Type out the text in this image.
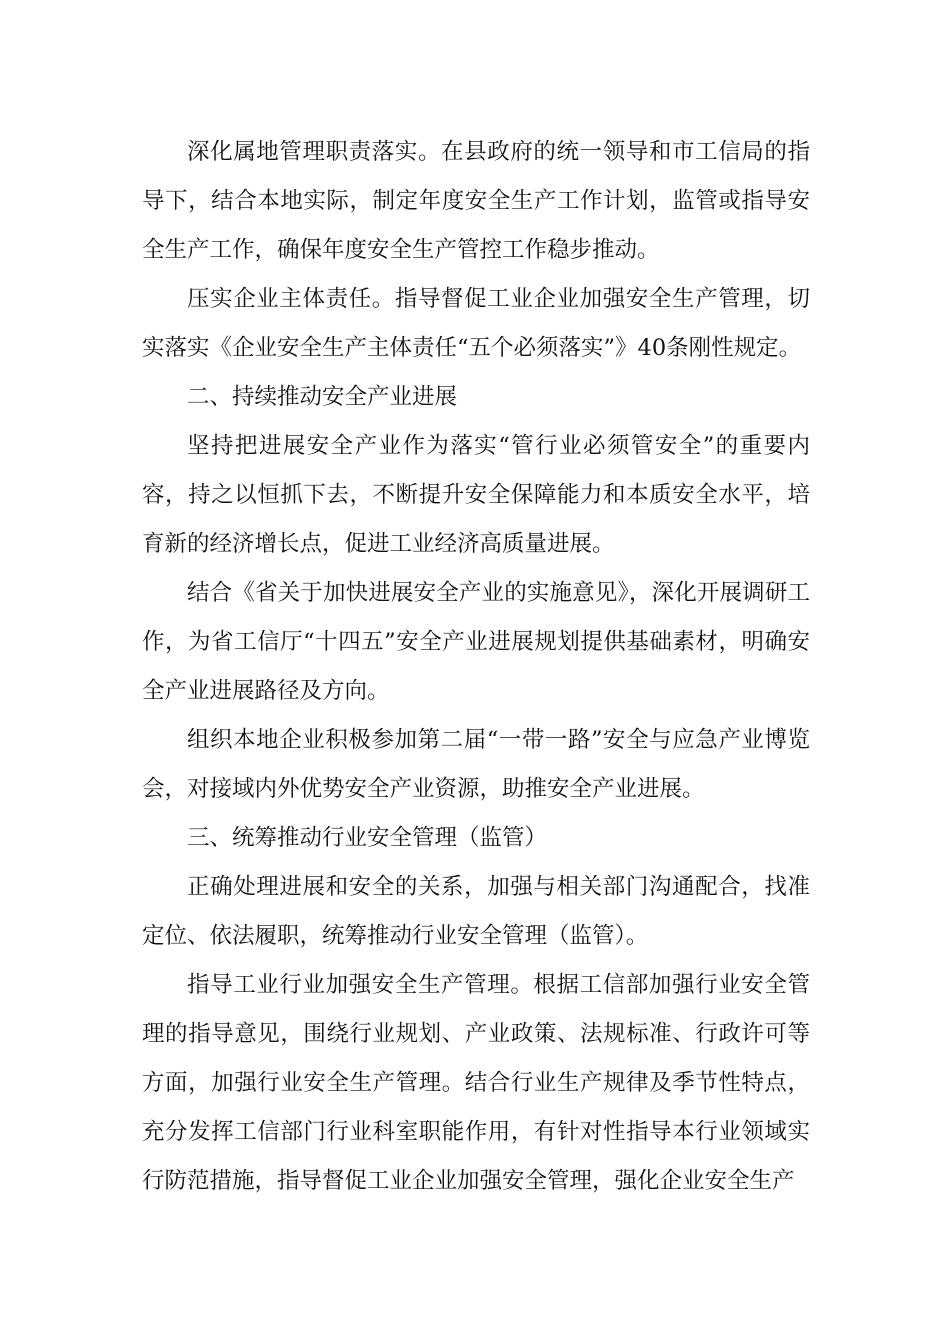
深化属地管理职责落实。在县政府的统一领导和市工信局的指导下，结合本地实际，制定年度安全生产工作计划，监管或指导安全生产工作，确保年度安全生产管控工作稳步推动。

压实企业主体责任。指导督促工业企业加强安全生产管理，切实落实《企业安全生产主体责任“五个必须落实”》40条刚性规定。

二、持续推动安全产业进展

坚持把进展安全产业作为落实“管行业必须管安全”的重要内容，持之以恒抓下去，不断提升安全保障能力和本质安全水平，培育新的经济增长点，促进工业经济高质量进展。

结合《省关于加快进展安全产业的实施意见》，深化开展调研工作，为省工信厅“十四五”安全产业进展规划提供基础素材，明确安全产业进展路径及方向。

组织本地企业积极参加第二届“一带一路”安全与应急产业博览会，对接域内外优势安全产业资源，助推安全产业进展。

三、统筹推动行业安全管理（监管）

正确处理进展和安全的关系，加强与相关部门沟通配合，找准定位、依法履职，统筹推动行业安全管理（监管）。

指导工业行业加强安全生产管理。根据工信部加强行业安全管理的指导意见，围绕行业规划、产业政策、法规标准、行政许可等方面，加强行业安全生产管理。结合行业生产规律及季节性特点，充分发挥工信部门行业科室职能作用，有针对性指导本行业领域实行防范措施，指导督促工业企业加强安全管理，强化企业安全生产
